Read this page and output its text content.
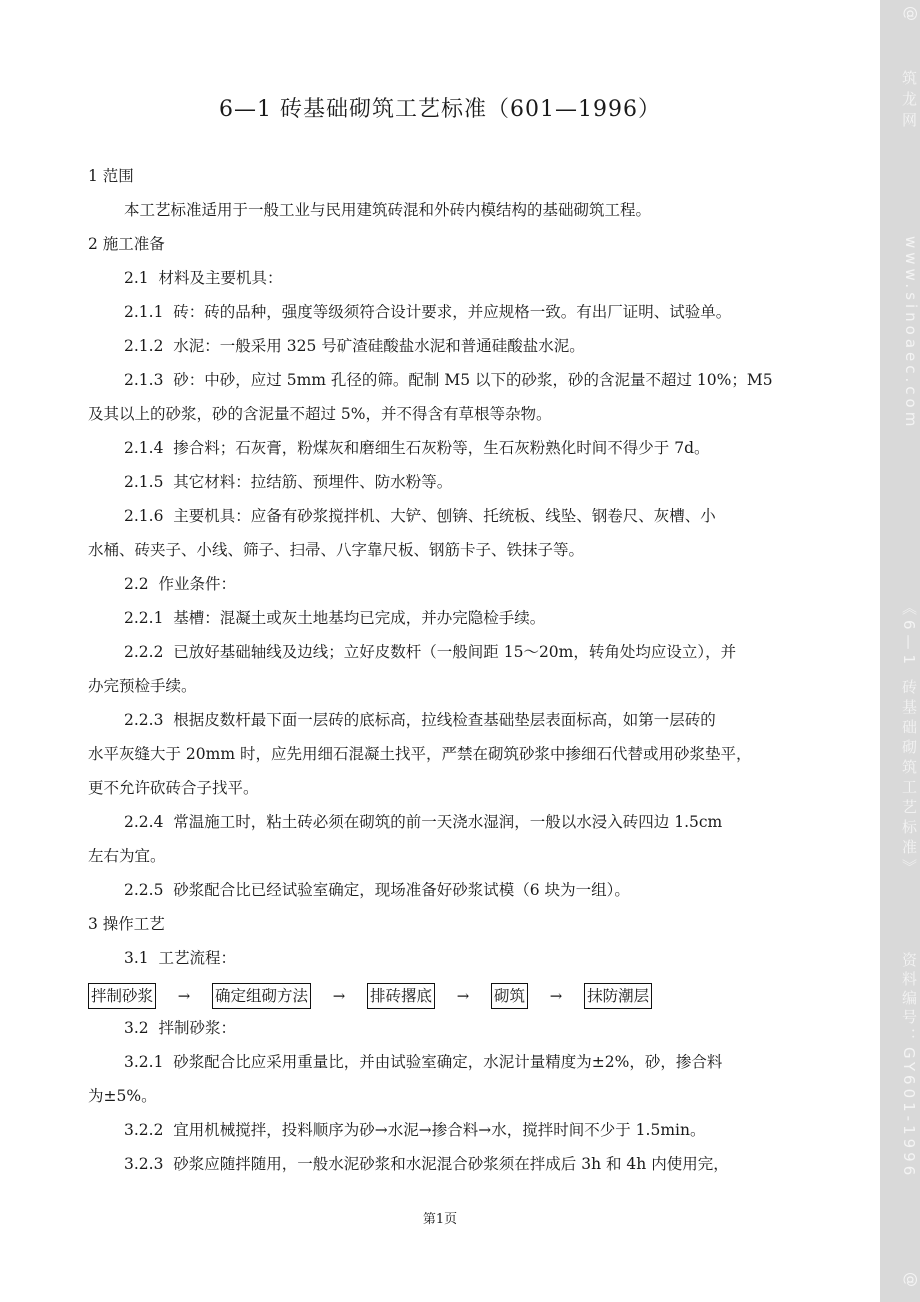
6—1 砖基础砌筑工艺标准（601—1996）
1 范围
本工艺标准适用于一般工业与民用建筑砖混和外砖内模结构的基础砌筑工程。
2 施工准备
2.1  材料及主要机具：
2.1.1  砖：砖的品种，强度等级须符合设计要求，并应规格一致。有出厂证明、试验单。
2.1.2  水泥：一般采用 325 号矿渣硅酸盐水泥和普通硅酸盐水泥。
2.1.3  砂：中砂，应过 5mm 孔径的筛。配制 M5 以下的砂浆，砂的含泥量不超过 10%；M5
及其以上的砂浆，砂的含泥量不超过 5%，并不得含有草根等杂物。
2.1.4  掺合料；石灰膏，粉煤灰和磨细生石灰粉等，生石灰粉熟化时间不得少于 7d。
2.1.5  其它材料：拉结筋、预埋件、防水粉等。
2.1.6  主要机具：应备有砂浆搅拌机、大铲、刨锛、托统板、线坠、钢卷尺、灰槽、小
水桶、砖夹子、小线、筛子、扫帚、八字靠尺板、钢筋卡子、铁抹子等。
2.2  作业条件：
2.2.1  基槽：混凝土或灰土地基均已完成，并办完隐检手续。
2.2.2  已放好基础轴线及边线；立好皮数杆（一般间距 15～20m，转角处均应设立），并
办完预检手续。
2.2.3  根据皮数杆最下面一层砖的底标高，拉线检查基础垫层表面标高，如第一层砖的
水平灰缝大于 20mm 时，应先用细石混凝土找平，严禁在砌筑砂浆中掺细石代替或用砂浆垫平，
更不允许砍砖合子找平。
2.2.4  常温施工时，粘土砖必须在砌筑的前一天浇水湿润，一般以水浸入砖四边 1.5cm
左右为宜。
2.2.5  砂浆配合比已经试验室确定，现场准备好砂浆试模（6 块为一组）。
3 操作工艺
3.1  工艺流程：
拌制砂浆	→	确定组砌方法	→	排砖撂底	→	砌筑	→	抹防潮层
3.2  拌制砂浆：
3.2.1  砂浆配合比应采用重量比，并由试验室确定，水泥计量精度为±2%，砂，掺合料
为±5%。
3.2.2  宜用机械搅拌，投料顺序为砂→水泥→掺合料→水，搅拌时间不少于 1.5min。
3.2.3  砂浆应随拌随用，一般水泥砂浆和水泥混合砂浆须在拌成后 3h 和 4h 内使用完，
第1页
@
筑龙网
www.sinoaec.com
《6—1 砖基础砌筑工艺标准》
资料编号：GY601-1996
@
